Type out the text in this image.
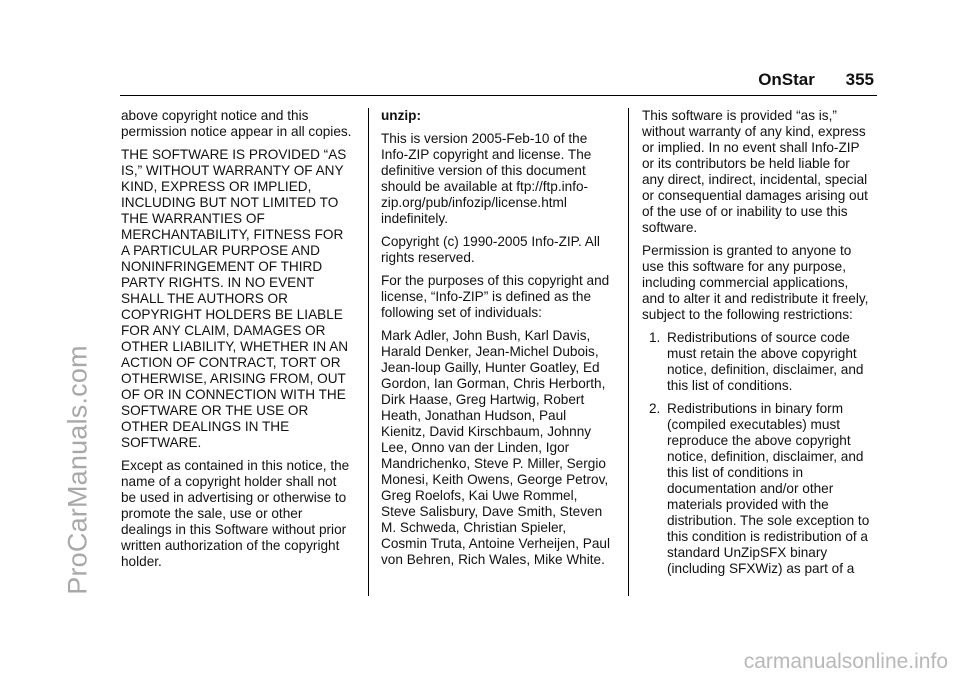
ProCarManuals.com
OnStar 355

above copyright notice and this permission notice appear in all copies.

THE SOFTWARE IS PROVIDED “AS IS,” WITHOUT WARRANTY OF ANY KIND, EXPRESS OR IMPLIED, INCLUDING BUT NOT LIMITED TO THE WARRANTIES OF MERCHANTABILITY, FITNESS FOR A PARTICULAR PURPOSE AND NONINFRINGEMENT OF THIRD PARTY RIGHTS. IN NO EVENT SHALL THE AUTHORS OR COPYRIGHT HOLDERS BE LIABLE FOR ANY CLAIM, DAMAGES OR OTHER LIABILITY, WHETHER IN AN ACTION OF CONTRACT, TORT OR OTHERWISE, ARISING FROM, OUT OF OR IN CONNECTION WITH THE SOFTWARE OR THE USE OR OTHER DEALINGS IN THE SOFTWARE.

Except as contained in this notice, the name of a copyright holder shall not be used in advertising or otherwise to promote the sale, use or other dealings in this Software without prior written authorization of the copyright holder.

unzip:

This is version 2005-Feb-10 of the Info-ZIP copyright and license. The definitive version of this document should be available at ftp://ftp.info-zip.org/pub/infozip/license.html indefinitely.

Copyright (c) 1990-2005 Info-ZIP. All rights reserved.

For the purposes of this copyright and license, “Info-ZIP” is defined as the following set of individuals:

Mark Adler, John Bush, Karl Davis, Harald Denker, Jean-Michel Dubois, Jean-loup Gailly, Hunter Goatley, Ed Gordon, Ian Gorman, Chris Herborth, Dirk Haase, Greg Hartwig, Robert Heath, Jonathan Hudson, Paul Kienitz, David Kirschbaum, Johnny Lee, Onno van der Linden, Igor Mandrichenko, Steve P. Miller, Sergio Monesi, Keith Owens, George Petrov, Greg Roelofs, Kai Uwe Rommel, Steve Salisbury, Dave Smith, Steven M. Schweda, Christian Spieler, Cosmin Truta, Antoine Verheijen, Paul von Behren, Rich Wales, Mike White.

This software is provided “as is,” without warranty of any kind, express or implied. In no event shall Info-ZIP or its contributors be held liable for any direct, indirect, incidental, special or consequential damages arising out of the use of or inability to use this software.

Permission is granted to anyone to use this software for any purpose, including commercial applications, and to alter it and redistribute it freely, subject to the following restrictions:

1. Redistributions of source code must retain the above copyright notice, definition, disclaimer, and this list of conditions.
2. Redistributions in binary form (compiled executables) must reproduce the above copyright notice, definition, disclaimer, and this list of conditions in documentation and/or other materials provided with the distribution. The sole exception to this condition is redistribution of a standard UnZipSFX binary (including SFXWiz) as part of a
carmanualsonline.info
